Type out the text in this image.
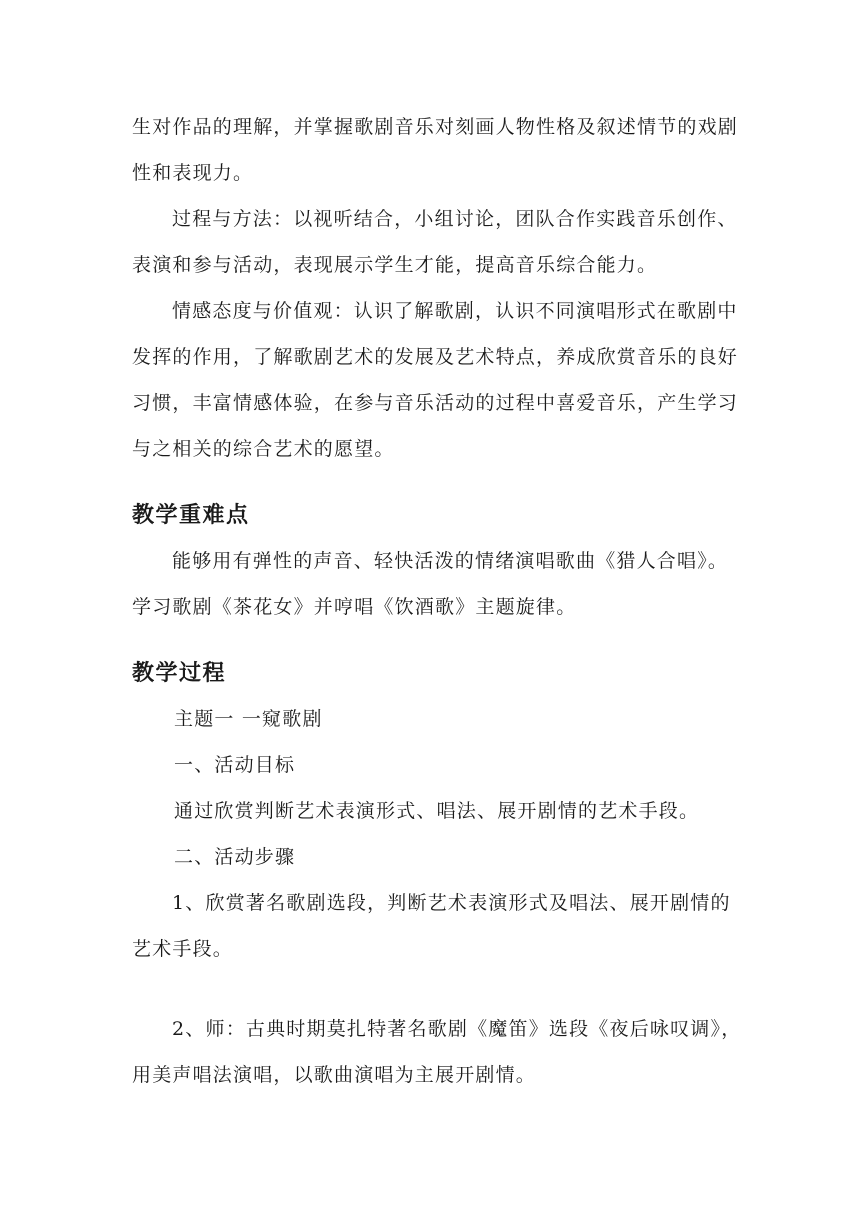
生对作品的理解，并掌握歌剧音乐对刻画人物性格及叙述情节的戏剧
性和表现力。

过程与方法：以视听结合，小组讨论，团队合作实践音乐创作、
表演和参与活动，表现展示学生才能，提高音乐综合能力。

情感态度与价值观：认识了解歌剧，认识不同演唱形式在歌剧中
发挥的作用，了解歌剧艺术的发展及艺术特点，养成欣赏音乐的良好
习惯，丰富情感体验，在参与音乐活动的过程中喜爱音乐，产生学习
与之相关的综合艺术的愿望。

教学重难点

能够用有弹性的声音、轻快活泼的情绪演唱歌曲《猎人合唱》。
学习歌剧《茶花女》并哼唱《饮酒歌》主题旋律。

教学过程

主题一 一窥歌剧

一、活动目标

通过欣赏判断艺术表演形式、唱法、展开剧情的艺术手段。

二、活动步骤

1、欣赏著名歌剧选段，判断艺术表演形式及唱法、展开剧情的
艺术手段。

2、师：古典时期莫扎特著名歌剧《魔笛》选段《夜后咏叹调》，
用美声唱法演唱，以歌曲演唱为主展开剧情。
